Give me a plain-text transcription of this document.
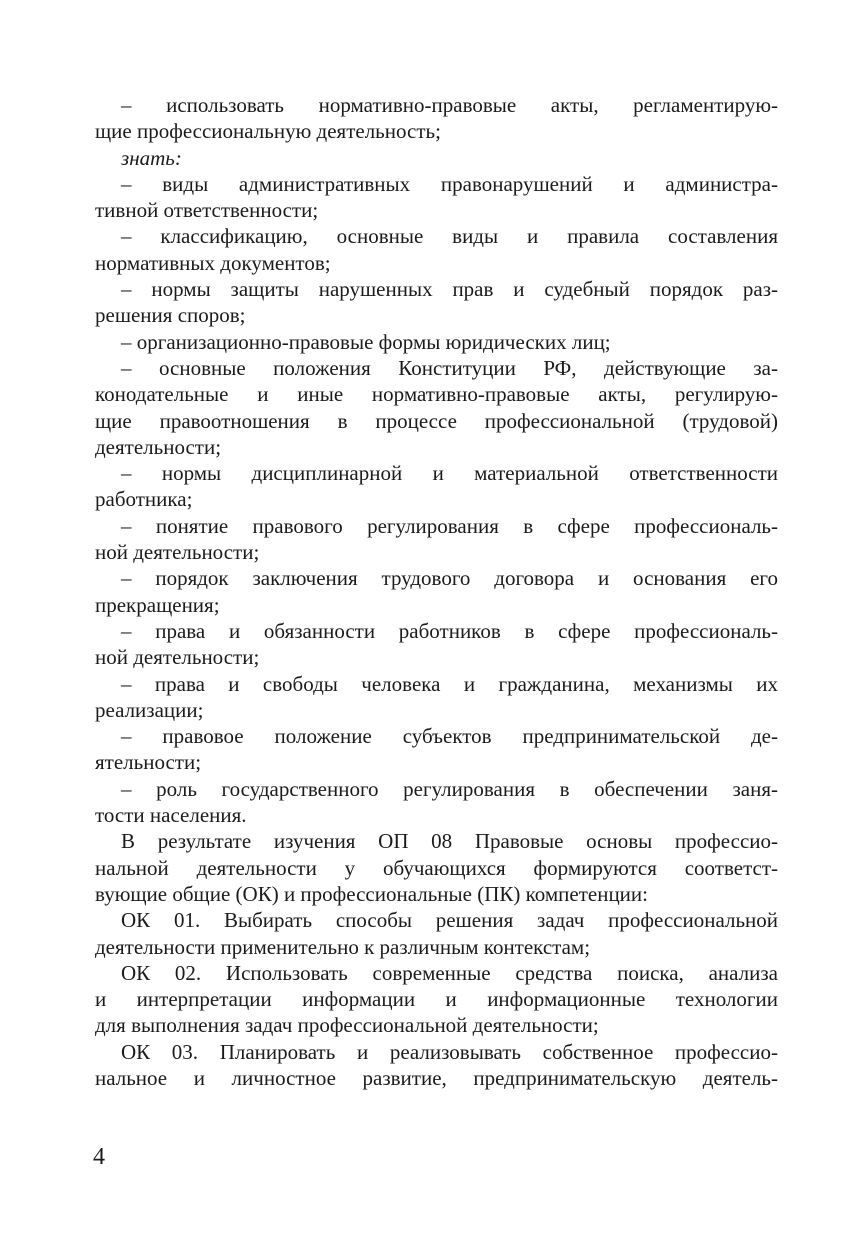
– использовать нормативно-правовые акты, регламентирую-
щие профессиональную деятельность;
знать:
– виды административных правонарушений и администра-
тивной ответственности;
– классификацию, основные виды и правила составления
нормативных документов;
– нормы защиты нарушенных прав и судебный порядок раз-
решения споров;
– организационно-правовые формы юридических лиц;
– основные положения Конституции РФ, действующие за-
конодательные и иные нормативно-правовые акты, регулирую-
щие правоотношения в процессе профессиональной (трудовой)
деятельности;
– нормы дисциплинарной и материальной ответственности
работника;
– понятие правового регулирования в сфере профессиональ-
ной деятельности;
– порядок заключения трудового договора и основания его
прекращения;
– права и обязанности работников в сфере профессиональ-
ной деятельности;
– права и свободы человека и гражданина, механизмы их
реализации;
– правовое положение субъектов предпринимательской де-
ятельности;
– роль государственного регулирования в обеспечении заня-
тости населения.
В результате изучения ОП 08 Правовые основы профессио-
нальной деятельности у обучающихся формируются соответст-
вующие общие (ОК) и профессиональные (ПК) компетенции:
ОК 01. Выбирать способы решения задач профессиональной
деятельности применительно к различным контекстам;
ОК 02. Использовать современные средства поиска, анализа
и интерпретации информации и информационные технологии
для выполнения задач профессиональной деятельности;
ОК 03. Планировать и реализовывать собственное профессио-
нальное и личностное развитие, предпринимательскую деятель-
4
